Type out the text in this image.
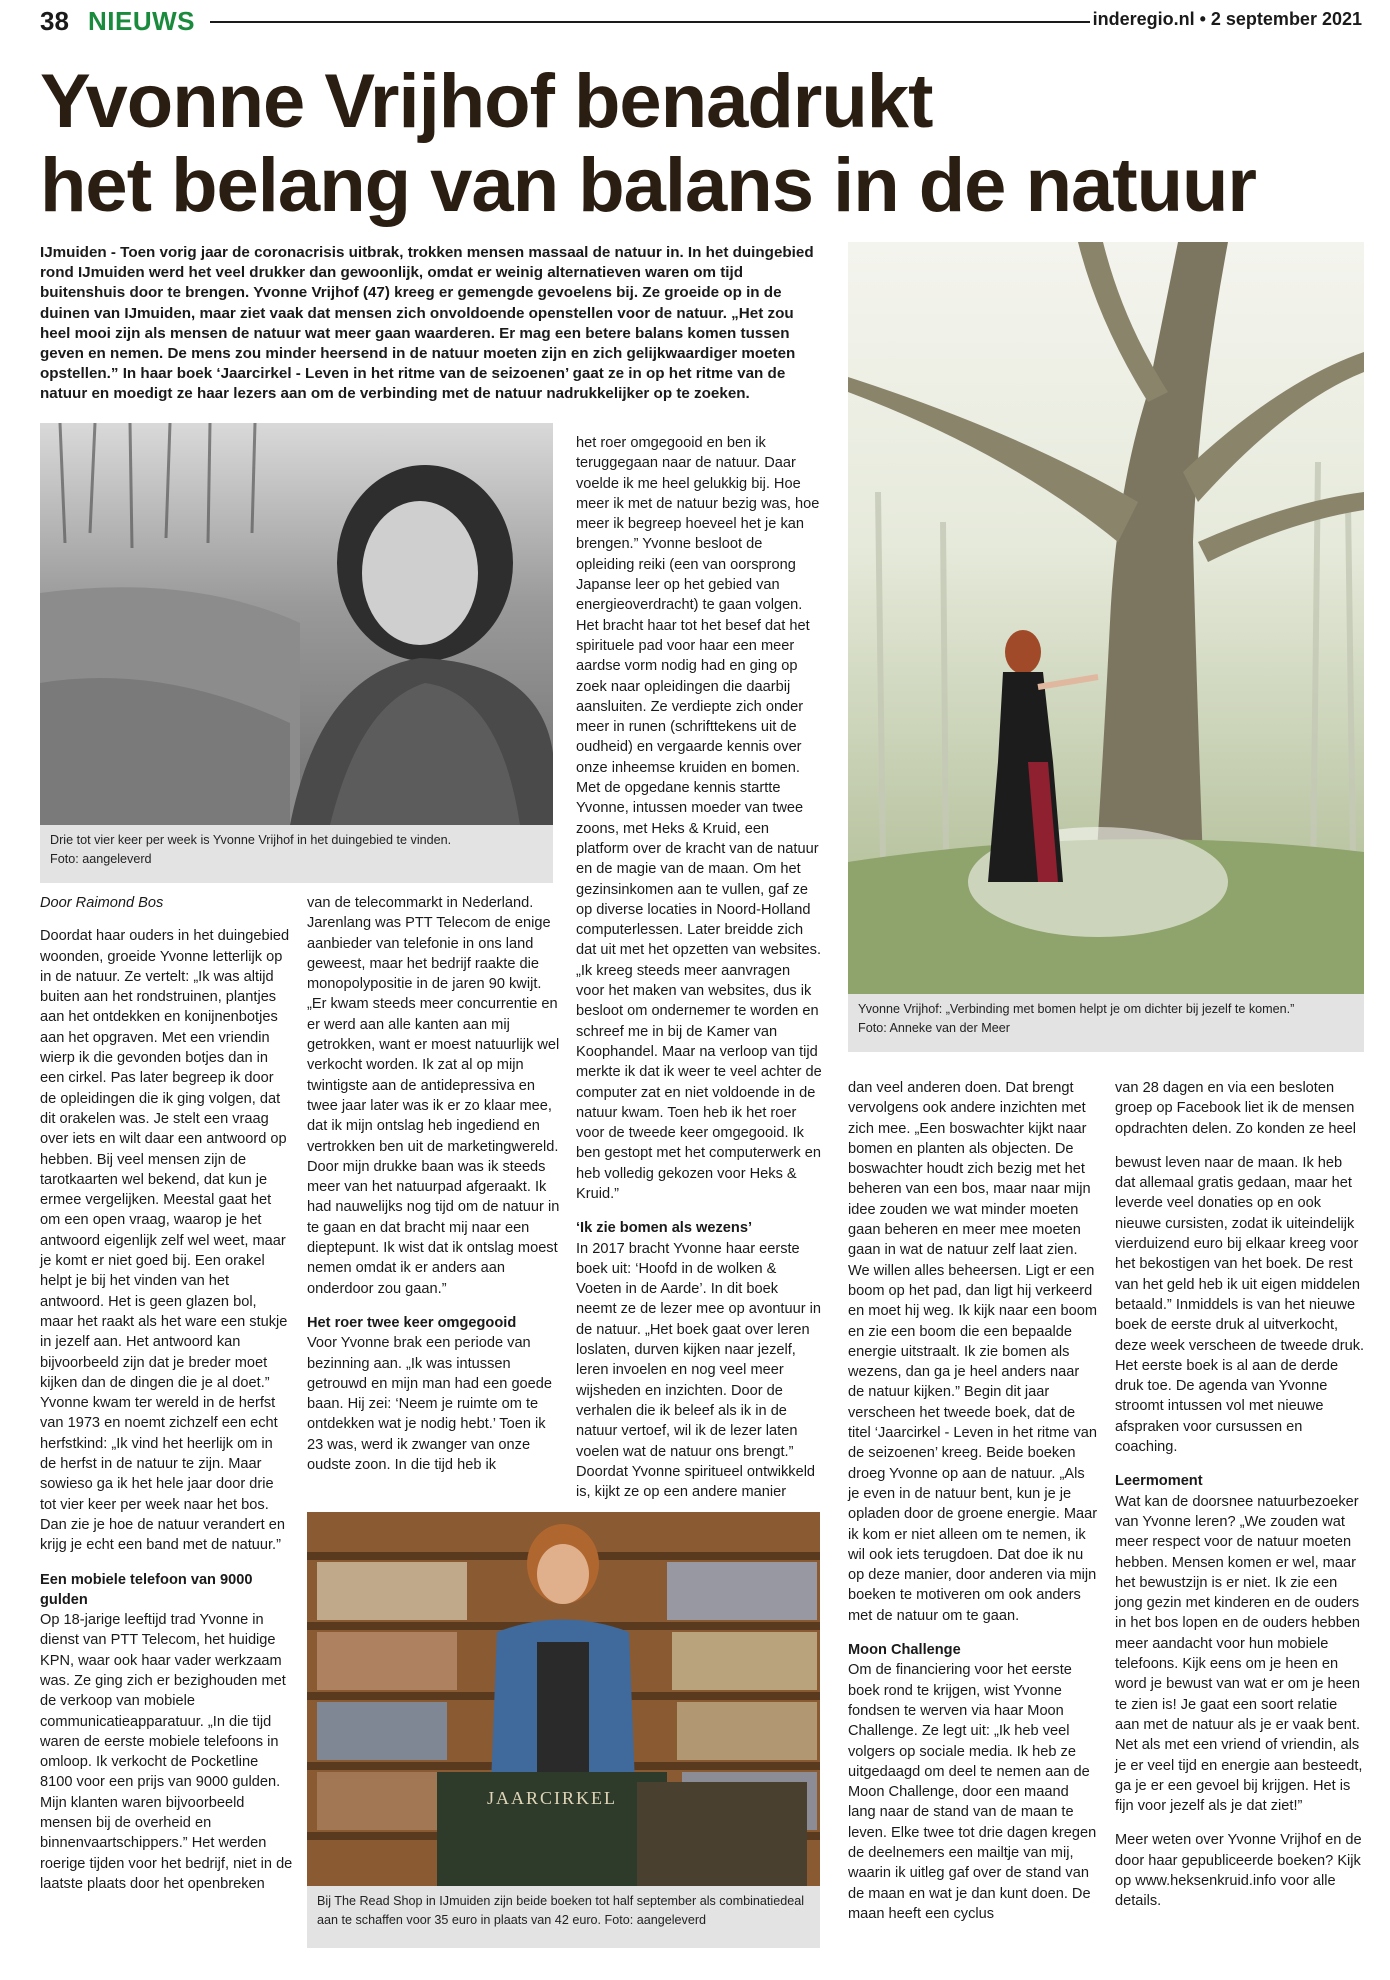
38 NIEUWS	inderegio.nl • 2 september 2021
Yvonne Vrijhof benadrukt
het belang van balans in de natuur
IJmuiden - Toen vorig jaar de coronacrisis uitbrak, trokken mensen massaal de natuur in. In het duingebied rond IJmuiden werd het veel drukker dan gewoonlijk, omdat er weinig alternatieven waren om tijd buitenshuis door te brengen. Yvonne Vrijhof (47) kreeg er gemengde gevoelens bij. Ze groeide op in de duinen van IJmuiden, maar ziet vaak dat mensen zich onvoldoende openstellen voor de natuur. „Het zou heel mooi zijn als mensen de natuur wat meer gaan waarderen. Er mag een betere balans komen tussen geven en nemen. De mens zou minder heersend in de natuur moeten zijn en zich gelijkwaardiger moeten opstellen.” In haar boek ‘Jaarcirkel - Leven in het ritme van de seizoenen’ gaat ze in op het ritme van de natuur en moedigt ze haar lezers aan om de verbinding met de natuur nadrukkelijker op te zoeken.
Drie tot vier keer per week is Yvonne Vrijhof in het duingebied te vinden.
Foto: aangeleverd
Yvonne Vrijhof: „Verbinding met bomen helpt je om dichter bij jezelf te komen.”
Foto: Anneke van der Meer
JAARCIRKEL
Bij The Read Shop in IJmuiden zijn beide boeken tot half september als combinatiedeal aan te schaffen voor 35 euro in plaats van 42 euro. Foto: aangeleverd

Door Raimond Bos

Doordat haar ouders in het duingebied woonden, groeide Yvonne letterlijk op in de natuur. Ze vertelt: „Ik was altijd buiten aan het rondstruinen, plantjes aan het ontdekken en konijnenbotjes aan het opgraven. Met een vriendin wierp ik die gevonden botjes dan in een cirkel. Pas later begreep ik door de opleidingen die ik ging volgen, dat dit orakelen was. Je stelt een vraag over iets en wilt daar een antwoord op hebben. Bij veel mensen zijn de tarotkaarten wel bekend, dat kun je ermee vergelijken. Meestal gaat het om een open vraag, waarop je het antwoord eigenlijk zelf wel weet, maar je komt er niet goed bij. Een orakel helpt je bij het vinden van het antwoord. Het is geen glazen bol, maar het raakt als het ware een stukje in jezelf aan. Het antwoord kan bijvoorbeeld zijn dat je breder moet kijken dan de dingen die je al doet.” Yvonne kwam ter wereld in de herfst van 1973 en noemt zichzelf een echt herfstkind: „Ik vind het heerlijk om in de herfst in de natuur te zijn. Maar sowieso ga ik het hele jaar door drie tot vier keer per week naar het bos. Dan zie je hoe de natuur verandert en krijg je echt een band met de natuur.”

Een mobiele telefoon van 9000 gulden

Op 18-jarige leeftijd trad Yvonne in dienst van PTT Telecom, het huidige KPN, waar ook haar vader werkzaam was. Ze ging zich er bezighouden met de verkoop van mobiele communicatieapparatuur. „In die tijd waren de eerste mobiele telefoons in omloop. Ik verkocht de Pocketline 8100 voor een prijs van 9000 gulden. Mijn klanten waren bijvoorbeeld mensen bij de overheid en binnenvaartschippers.” Het werden roerige tijden voor het bedrijf, niet in de laatste plaats door het openbreken

van de telecommarkt in Nederland. Jarenlang was PTT Telecom de enige aanbieder van telefonie in ons land geweest, maar het bedrijf raakte die monopolypositie in de jaren 90 kwijt. „Er kwam steeds meer concurrentie en er werd aan alle kanten aan mij getrokken, want er moest natuurlijk wel verkocht worden. Ik zat al op mijn twintigste aan de antidepressiva en twee jaar later was ik er zo klaar mee, dat ik mijn ontslag heb ingediend en vertrokken ben uit de marketingwereld. Door mijn drukke baan was ik steeds meer van het natuurpad afgeraakt. Ik had nauwelijks nog tijd om de natuur in te gaan en dat bracht mij naar een dieptepunt. Ik wist dat ik ontslag moest nemen omdat ik er anders aan onderdoor zou gaan.”

Het roer twee keer omgegooid

Voor Yvonne brak een periode van bezinning aan. „Ik was intussen getrouwd en mijn man had een goede baan. Hij zei: ‘Neem je ruimte om te ontdekken wat je nodig hebt.’ Toen ik 23 was, werd ik zwanger van onze oudste zoon. In die tijd heb ik

het roer omgegooid en ben ik teruggegaan naar de natuur. Daar voelde ik me heel gelukkig bij. Hoe meer ik met de natuur bezig was, hoe meer ik begreep hoeveel het je kan brengen.” Yvonne besloot de opleiding reiki (een van oorsprong Japanse leer op het gebied van energieoverdracht) te gaan volgen. Het bracht haar tot het besef dat het spirituele pad voor haar een meer aardse vorm nodig had en ging op zoek naar opleidingen die daarbij aansluiten. Ze verdiepte zich onder meer in runen (schrifttekens uit de oudheid) en vergaarde kennis over onze inheemse kruiden en bomen. Met de opgedane kennis startte Yvonne, intussen moeder van twee zoons, met Heks & Kruid, een platform over de kracht van de natuur en de magie van de maan. Om het gezinsinkomen aan te vullen, gaf ze op diverse locaties in Noord-Holland computerlessen. Later breidde zich dat uit met het opzetten van websites. „Ik kreeg steeds meer aanvragen voor het maken van websites, dus ik besloot om ondernemer te worden en schreef me in bij de Kamer van Koophandel. Maar na verloop van tijd merkte ik dat ik weer te veel achter de computer zat en niet voldoende in de natuur kwam. Toen heb ik het roer voor de tweede keer omgegooid. Ik ben gestopt met het computerwerk en heb volledig gekozen voor Heks & Kruid.”

‘Ik zie bomen als wezens’

In 2017 bracht Yvonne haar eerste boek uit: ‘Hoofd in de wolken & Voeten in de Aarde’. In dit boek neemt ze de lezer mee op avontuur in de natuur. „Het boek gaat over leren loslaten, durven kijken naar jezelf, leren invoelen en nog veel meer wijsheden en inzichten. Door de verhalen die ik beleef als ik in de natuur vertoef, wil ik de lezer laten voelen wat de natuur ons brengt.” Doordat Yvonne spiritueel ontwikkeld is, kijkt ze op een andere manier

dan veel anderen doen. Dat brengt vervolgens ook andere inzichten met zich mee. „Een boswachter kijkt naar bomen en planten als objecten. De boswachter houdt zich bezig met het beheren van een bos, maar naar mijn idee zouden we wat minder moeten gaan beheren en meer mee moeten gaan in wat de natuur zelf laat zien. We willen alles beheersen. Ligt er een boom op het pad, dan ligt hij verkeerd en moet hij weg. Ik kijk naar een boom en zie een boom die een bepaalde energie uitstraalt. Ik zie bomen als wezens, dan ga je heel anders naar de natuur kijken.” Begin dit jaar verscheen het tweede boek, dat de titel ‘Jaarcirkel - Leven in het ritme van de seizoenen’ kreeg. Beide boeken droeg Yvonne op aan de natuur. „Als je even in de natuur bent, kun je je opladen door de groene energie. Maar ik kom er niet alleen om te nemen, ik wil ook iets terugdoen. Dat doe ik nu op deze manier, door anderen via mijn boeken te motiveren om ook anders met de natuur om te gaan.

Moon Challenge

Om de financiering voor het eerste boek rond te krijgen, wist Yvonne fondsen te werven via haar Moon Challenge. Ze legt uit: „Ik heb veel volgers op sociale media. Ik heb ze uitgedaagd om deel te nemen aan de Moon Challenge, door een maand lang naar de stand van de maan te leven. Elke twee tot drie dagen kregen de deelnemers een mailtje van mij, waarin ik uitleg gaf over de stand van de maan en wat je dan kunt doen. De maan heeft een cyclus

van 28 dagen en via een besloten groep op Facebook liet ik de mensen opdrachten delen. Zo konden ze heel

bewust leven naar de maan. Ik heb dat allemaal gratis gedaan, maar het leverde veel donaties op en ook nieuwe cursisten, zodat ik uiteindelijk vierduizend euro bij elkaar kreeg voor het bekostigen van het boek. De rest van het geld heb ik uit eigen middelen betaald.” Inmiddels is van het nieuwe boek de eerste druk al uitverkocht, deze week verscheen de tweede druk. Het eerste boek is al aan de derde druk toe. De agenda van Yvonne stroomt intussen vol met nieuwe afspraken voor cursussen en coaching.

Leermoment

Wat kan de doorsnee natuurbezoeker van Yvonne leren? „We zouden wat meer respect voor de natuur moeten hebben. Mensen komen er wel, maar het bewustzijn is er niet. Ik zie een jong gezin met kinderen en de ouders in het bos lopen en de ouders hebben meer aandacht voor hun mobiele telefoons. Kijk eens om je heen en word je bewust van wat er om je heen te zien is! Je gaat een soort relatie aan met de natuur als je er vaak bent. Net als met een vriend of vriendin, als je er veel tijd en energie aan besteedt, ga je er een gevoel bij krijgen. Het is fijn voor jezelf als je dat ziet!”

Meer weten over Yvonne Vrijhof en de door haar gepubliceerde boeken? Kijk op www.heksenkruid.info voor alle details.
